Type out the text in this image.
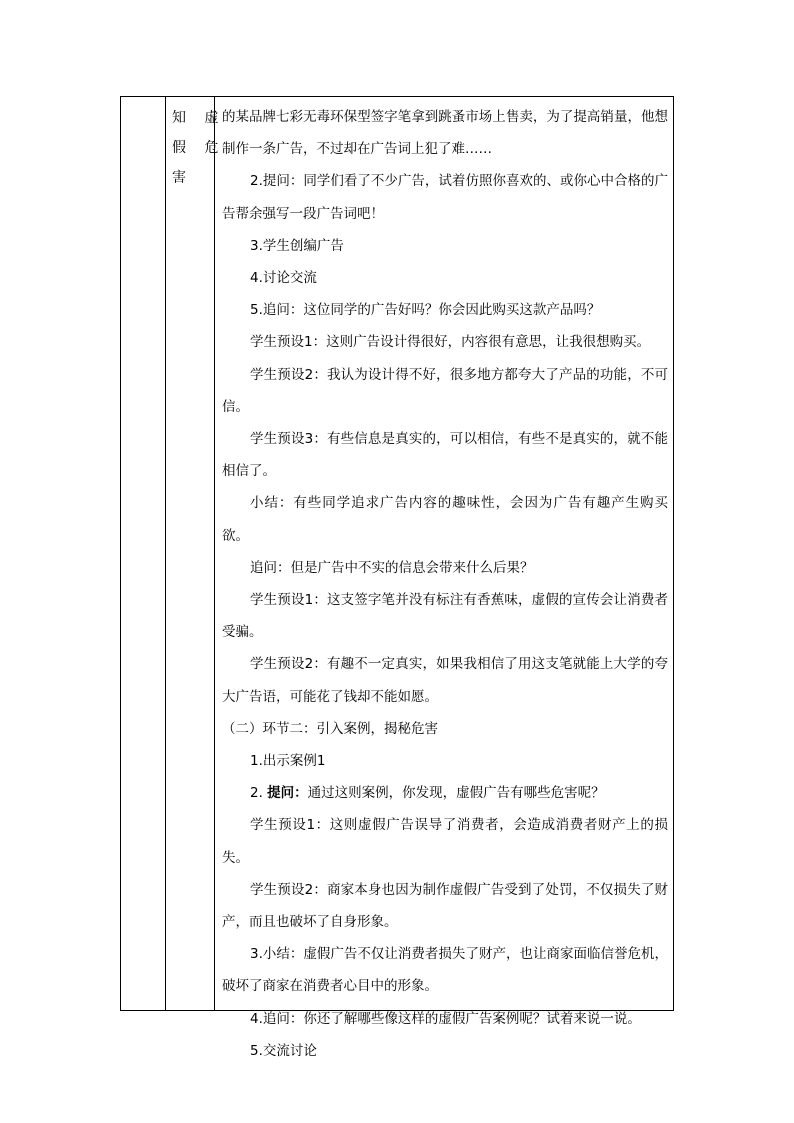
知 虚
假 危
害

的某品牌七彩无毒环保型签字笔拿到跳蚤市场上售卖，为了提高销量，他想制作一条广告，不过却在广告词上犯了难……

2.提问：同学们看了不少广告，试着仿照你喜欢的、或你心中合格的广告帮余强写一段广告词吧！

3.学生创编广告

4.讨论交流

5.追问：这位同学的广告好吗？你会因此购买这款产品吗？

学生预设1：这则广告设计得很好，内容很有意思，让我很想购买。

学生预设2：我认为设计得不好，很多地方都夸大了产品的功能，不可信。

学生预设3：有些信息是真实的，可以相信，有些不是真实的，就不能相信了。

小结：有些同学追求广告内容的趣味性，会因为广告有趣产生购买欲。

追问：但是广告中不实的信息会带来什么后果？

学生预设1：这支签字笔并没有标注有香蕉味，虚假的宣传会让消费者受骗。

学生预设2：有趣不一定真实，如果我相信了用这支笔就能上大学的夸大广告语，可能花了钱却不能如愿。

（二）环节二：引入案例，揭秘危害

1.出示案例1

2. 提问：通过这则案例，你发现，虚假广告有哪些危害呢？

学生预设1：这则虚假广告误导了消费者，会造成消费者财产上的损失。

学生预设2：商家本身也因为制作虚假广告受到了处罚，不仅损失了财产，而且也破坏了自身形象。

3.小结：虚假广告不仅让消费者损失了财产，也让商家面临信誉危机，破坏了商家在消费者心目中的形象。

4.追问：你还了解哪些像这样的虚假广告案例呢？试着来说一说。

5.交流讨论
